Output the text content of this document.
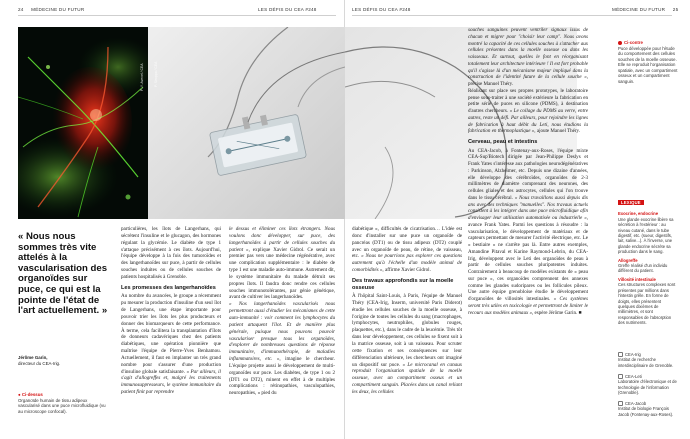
24 MÉDECINE DU FUTUR	LES DÉFIS DU CEA #248	LES DÉFIS DU CEA #248	MÉDECINE DU FUTUR 25
P.-Y. Avenel / CEA	P. Stroppa / CEA
« Nous nous sommes très vite attelés à la vascularisation des organoïdes sur puce, ce qui est la pointe de l'état de l'art actuellement. »
Jérôme Garin,
directeur du CEA-Irig.
● Ci-dessus
Organoïde humain de tissu adipeux vascularisé dans une puce microfluidique (vu au microscope confocal).

particulières, les îlots de Langerhans, qui sécrètent l'insuline et le glucagon, des hormones régulant la glycémie. Le diabète de type 1 s'attaque précisément à ces îlots. Aujourd'hui, l'équipe développe à la fois des tumoroïdes et des langerhanoïdes sur puce, à partir de cellules souches induites ou de cellules souches de patients hospitalisés à Grenoble.

Les promesses des langerhanoïdes

Au nombre du avancées, le groupe a récemment pu mesurer la production d'insuline d'un seul îlot de Langerhans, une étape importante pour pouvoir trier les îlots les plus producteurs et donner des biomarqueurs de cette performance. À terme, cela facilitera la transplantation d'îlots de donneurs cadavériques chez des patients diabétiques, une opération pionnière que maîtrise l'équipe de Pierre-Yves Benhamou. Actuellement, il faut en implanter un très grand nombre pour s'assurer d'une production d'insuline globale satisfaisante. « Par ailleurs, il s'agit d'allogreffes et, malgré les traitements immunosuppresseurs, le système immunitaire du patient finit par reprendre

le dessus et éliminer ces îlots étrangers. Nous voulons donc développer, sur puce, des langerhanoïdes à partir de cellules souches du patient », explique Xavier Gidrol. Ce serait un premier pas vers une médecine régénérative, avec une complication supplémentaire : le diabète de type 1 est une maladie auto-immune. Autrement dit, le système immunitaire du malade détruit ses propres îlots. Il faudra donc rendre ces cellules souches immunotolérantes, par génie génétique, avant de cultiver les langerhanoïdes.

« Nos langerhanoïdes vascularisés nous permettront aussi d'étudier les mécanismes de cette auto-immunité : voir comment les lymphocytes du patient attaquent l'îlot. Et de manière plus générale, puisque nous pouvons pouvoir vasculariser presque tous les organoïdes, d'explorer de nombreuses questions de réponse immunitaire, d'immunothérapie, de maladies inflammatoires, etc. », imagine le chercheur. L'équipe projette aussi le développement de multi-organoïdes sur puce. Les diabètes, de type 1 ou 2 (DT1 ou DT2), minent en effet à de multiples complications : rétinopathies, vasculopathies, neuropathies, « pied du

diabétique », difficultés de cicatrisation… L'idée est donc d'installer sur une puce un organoïde de pancréas (DT1) ou de tissu adipeux (DT2) couplé avec un organoïde de peau, de rétine, de vaisseau, etc. « Nous ne pourrions pas explorer ces questions autrement qu'à l'échelle d'un modèle animal de comorbidités », affirme Xavier Gidrol.

Des travaux approfondis sur la moelle osseuse

À l'hôpital Saint-Louis, à Paris, l'équipe de Manuel Théry (CEA-Irig, Inserm, université Paris Diderot) étudie les cellules souches de la moelle osseuse, à l'origine de toutes les cellules du sang (macrophages, lymphocytes, neutrophiles, globules rouges, plaquettes, etc.), dans le cadre de la leucémie. Très tôt dans leur développement, ces cellules se fixent soit à la matrice osseuse, soit à un vaisseau. Pour scruter cette fixation et ses conséquences sur leur différenciation ultérieure, les chercheurs ont imaginé un dispositif sur puce. « Le microcanal en canaux reproduit l'organisation spatiale de la moelle osseuse, avec un compartiment osseux et un compartiment sanguin. Placées dans un canal reliant les deux, les cellules

souches sanguines peuvent ventriler signaux issus de chacun et migrer pour "choisir leur camp". Nous avons montré la capacité de ces cellules souches à s'attacher aux cellules présentes dans la moelle osseuse ou dans les vaisseaux. Et surtout, quelles le font en réorganisant totalement leur architecture intérieure ! Il est fort probable qu'il s'agisse là d'un mécanisme majeur impliqué dans la construction de l'identité future de la cellule souche », précise Manuel Théry.

Réalisant sur place ses propres prototypes, le laboratoire pense sous-traiter à une société extérieure la fabrication en petite série de puces en silicone (PDMS), à destination d'autres chercheurs. « Le collage du PDMS au verre, entre autres, reste un défi. Par ailleurs, pour rejoindre les lignes de fabrication à haut débit du Leti, nous étudions la fabrication en thermoplastique », ajoute Manuel Théry.

Cerveau, peau et intestins

Au CEA-Jacob, à Fontenay-aux-Roses, l'équipe mixte CEA-Sup'Biotech dirigée par Jean-Philippe Deslys et Frank Yates s'intéresse aux pathologies neurodégénératives : Parkinson, Alzheimer, etc. Depuis une dizaine d'années, elle développe des cérébroïdes, organoïdes de 2-3 millimètres de diamètre comprenant des neurones, des cellules gliales et des astrocytes, cellules qui l'on trouve dans le tissu cérébral. « Nous travaillons aussi depuis dix ans avec des techniques "manuelles". Nos travaux actuels consistent à les intégrer dans une puce microfluidique afin d'envisager leur utilisation automatisée ou industrielle », avance Frank Yates. Parmi les questions à résoudre : la vascularisation, le développement de matériaux et de capteurs permettant de mesurer l'activité électrique, etc. Le « bestiaire » ne s'arrête pas là. Entre autres exemples, Amandine Pitaval et Karine Raymond-Lebrin, du CEA-Irig, développent avec le Leti des organoïdes de peau à partir de cellules souches pluripotentes induites. Contrairement à beaucoup de modèles existants de « peau sur puce », ces organoïdes comprennent des annexes comme les glandes sudoripares ou les follicules pileux. Une autre équipe grenobloise étudie le développement d'organoïdes de villosités intestinales. « Ces systèmes seront très utiles en toxicologie et permettront de limiter le recours aux modèles animaux », espère Jérôme Garin. ■

Ci-contre
Puce développée pour l'étude du comportement des cellules souches de la moelle osseuse. Elle se reproduit l'organisation spatiale, avec un compartiment osseux et un compartiment sanguin.
LEXIQUE
Exocrine, endocrine
Une glande exocrine libère sa sécrétion à l'extérieur : au niveau cutané, dans le tube digestif, etc. (sueur, digestifs, lait, salive...). À l'inverse, une glande endocrine sécrète sa production dans le sang.
Allogreffe
Greffe réalisé d'un individu différent du patient.
Villosité intestinale
Ces structures complexes sont présentes par millions dans l'intestin grêle. En forme de doigts, elles présentent quelques dixièmes de millimètres, et sont responsables de l'absorption des nutriments.
CEA-Irig
Institut de recherche interdisciplinaire de Grenoble.
CEA-Leti
Laboratoire d'électronique et de technologie de l'information (Grenoble).
CEA-Jacob
Institut de biologie François Jacob (Fontenay-aux-Roses).
